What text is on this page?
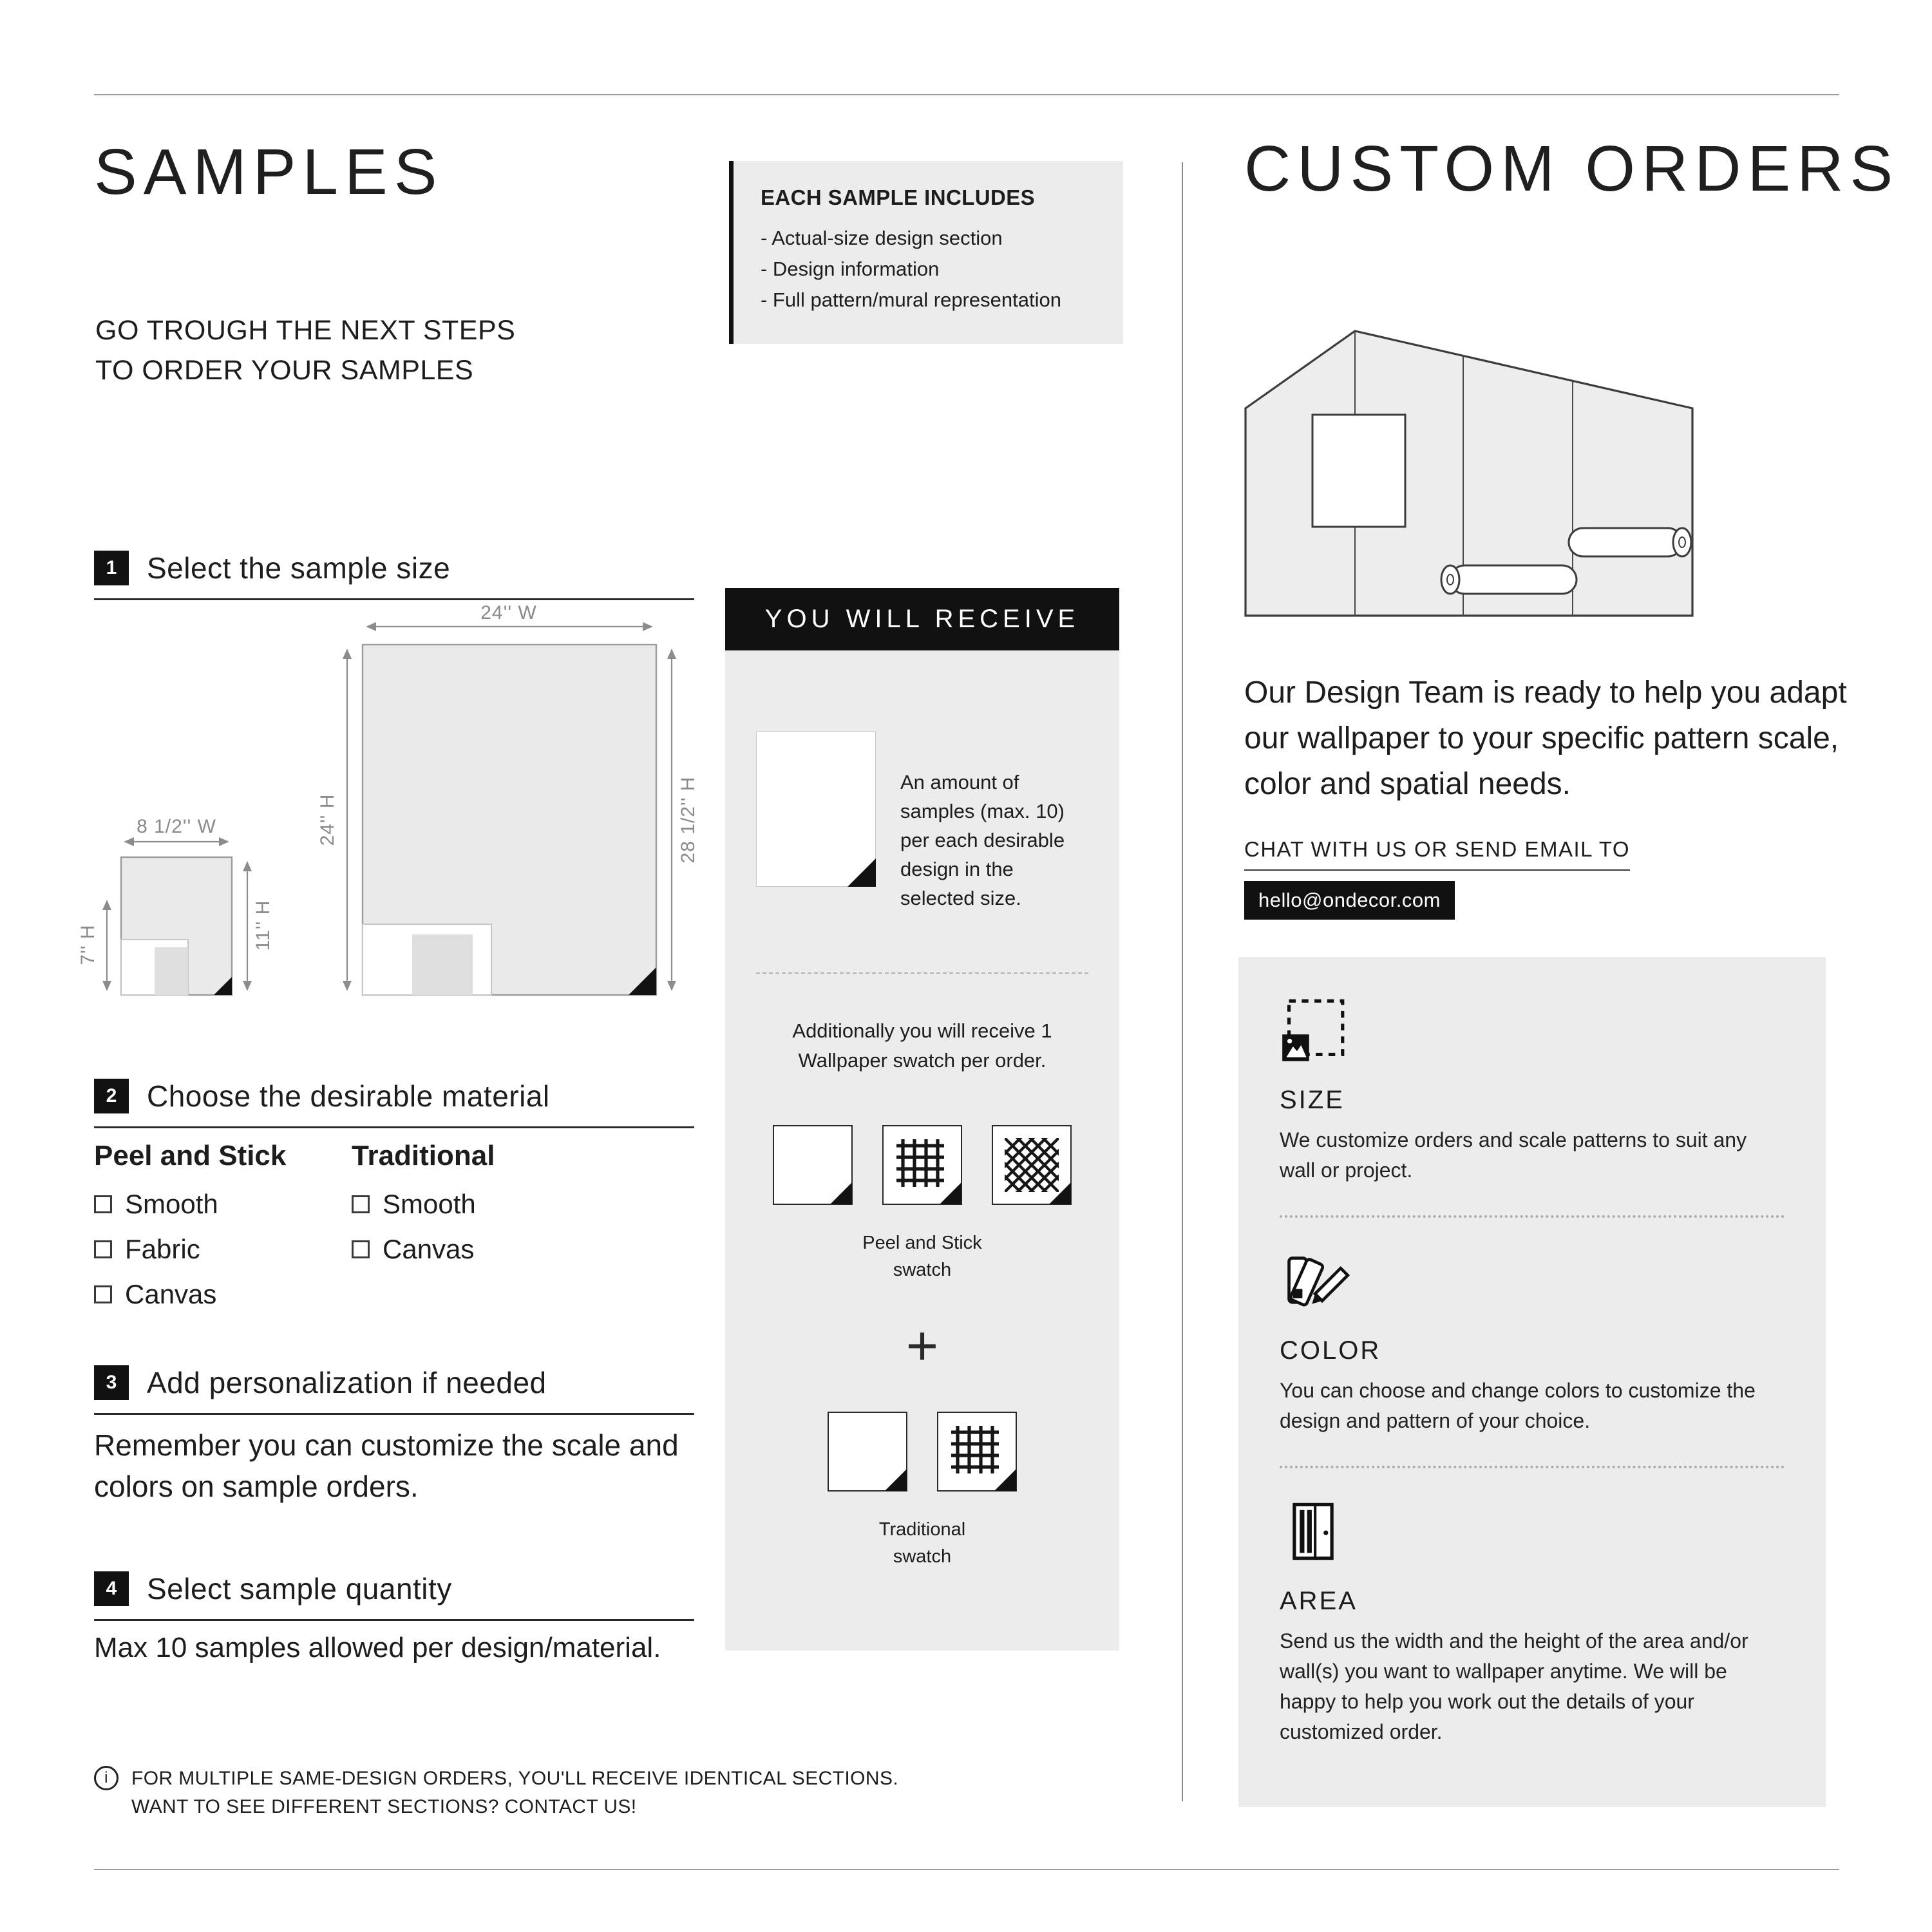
SAMPLES

GO TROUGH THE NEXT STEPS
TO ORDER YOUR SAMPLES

EACH SAMPLE INCLUDES
- Actual-size design section
- Design information
- Full pattern/mural representation
1	Select the sample size
24'' W
24'' H	28 1/2'' H
8 1/2'' W
7'' H	11'' H
2	Choose the desirable material
Peel and Stick
Smooth
Fabric
Canvas
Traditional
Smooth
Canvas
3	Add personalization if needed

Remember you can customize the scale and colors on sample orders.

4	Select sample quantity

Max 10 samples allowed per design/material.

i	FOR MULTIPLE SAME-DESIGN ORDERS, YOU'LL RECEIVE IDENTICAL SECTIONS. WANT TO SEE DIFFERENT SECTIONS? CONTACT US!
YOU WILL RECEIVE
An amount of samples (max. 10) per each desirable design in the selected size.

Additionally you will receive 1 Wallpaper swatch per order.

Peel and Stick
swatch

+

Traditional
swatch

CUSTOM ORDERS

Our Design Team is ready to help you adapt our wallpaper to your specific pattern scale, color and spatial needs.

CHAT WITH US OR SEND EMAIL TO
hello@ondecor.com
SIZE
We customize orders and scale patterns to suit any wall or project.
COLOR
You can choose and change colors to customize the design and pattern of your choice.
AREA
Send us the width and the height of the area and/or wall(s) you want to wallpaper anytime. We will be happy to help you work out the details of your customized order.
